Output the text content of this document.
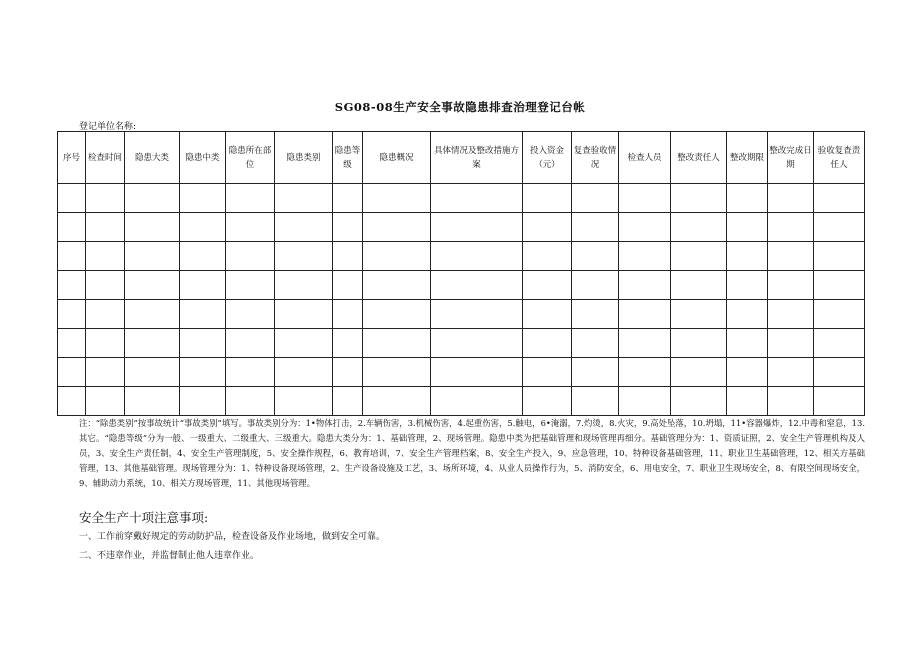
SG08-08生产安全事故隐患排查治理登记台帐
登记单位名称:
序号	检查时间	隐患大类	隐患中类	隐患所在部位	隐患类别	隐患等级	隐患概况	具体情况及整改措施方案	投入资金（元）	复查验收情况	检查人员	整改责任人	整改期限	整改完成日期	验收复查责任人

注：“除患类别”按事故统计“事故类别”填写。事故类别分为：1•物体打击，2.车辆伤害，3.机械伤害，4.起重伤害，5.触电，6•淹溺，7.灼烫，8.火灾，9.高处坠落，10.坍塌，11•容器爆炸，12.中毒和窒息，13.其它。“隐患等级”分为一般、一级重大、二级重大、三级重大。隐患大类分为：1、基础管理，2、现场管理。隐患中类为把基础管理和现场管理再细分。基础管理分为：1、资质证照，2、安全生产管理机构及人员，3、安全生产责任制，4、安全生产管理制度，5、安全操作规程，6、教育培训，7、安全生产管理档案，8、安全生产投入，9、应急管理，10、特种设备基础管理，11、职业卫生基础管理，12、相关方基础管理，13、其他基础管理。现场管理分为：1、特种设备现场管理，2、生产设备设施及工艺，3、场所环境，4、从业人员操作行为，5、消防安全，6、用电安全，7、职业卫生现场安全，8、有限空间现场安全，9、辅助动力系统，10、相关方现场管理，11、其他现场管理。
安全生产十项注意事项:
一、工作前穿戴好规定的劳动防护品，检查设备及作业场地，做到安全可靠。
二、不违章作业，并监督制止他人违章作业。
